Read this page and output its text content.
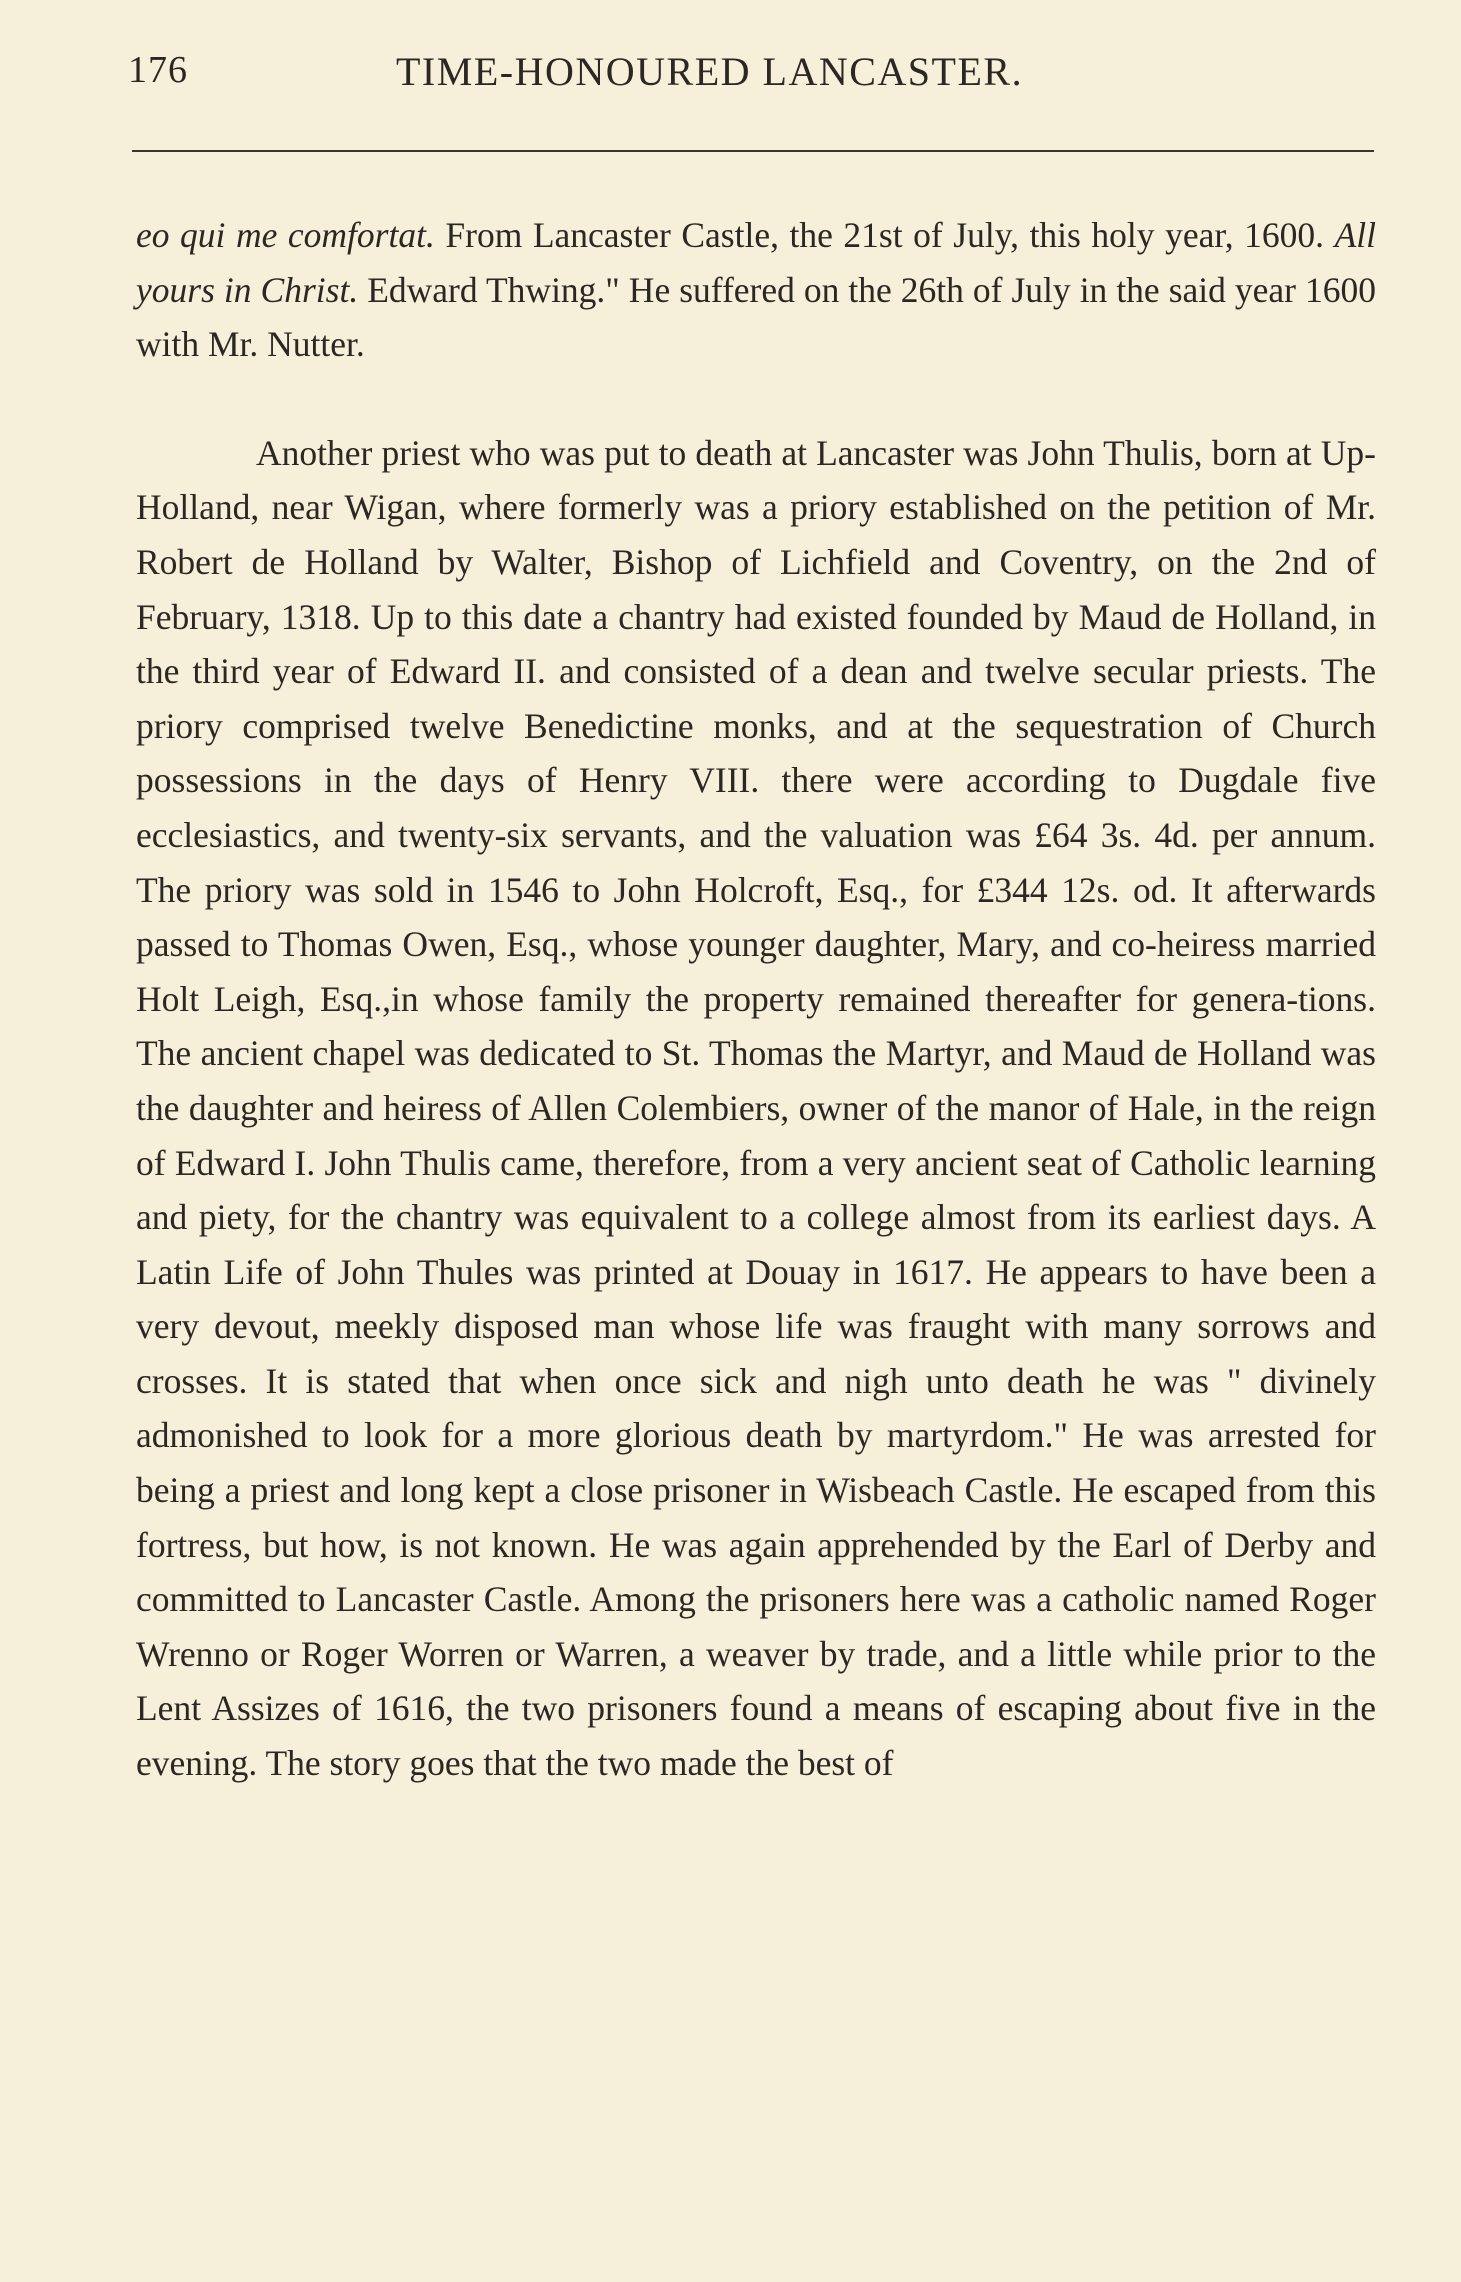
176	TIME-HONOURED LANCASTER.

eo qui me comfortat. From Lancaster Castle, the 21st of July, this holy year, 1600. All yours in Christ. Edward Thwing." He suffered on the 26th of July in the said year 1600 with Mr. Nutter.

Another priest who was put to death at Lancaster was John Thulis, born at Up-Holland, near Wigan, where formerly was a priory established on the petition of Mr. Robert de Holland by Walter, Bishop of Lichfield and Coventry, on the 2nd of February, 1318. Up to this date a chantry had existed founded by Maud de Holland, in the third year of Edward II. and consisted of a dean and twelve secular priests. The priory comprised twelve Benedictine monks, and at the sequestration of Church possessions in the days of Henry VIII. there were according to Dugdale five ecclesiastics, and twenty-six servants, and the valuation was £64 3s. 4d. per annum. The priory was sold in 1546 to John Holcroft, Esq., for £344 12s. od. It afterwards passed to Thomas Owen, Esq., whose younger daughter, Mary, and co-heiress married Holt Leigh, Esq.,in whose family the property remained thereafter for genera-tions. The ancient chapel was dedicated to St. Thomas the Martyr, and Maud de Holland was the daughter and heiress of Allen Colembiers, owner of the manor of Hale, in the reign of Edward I. John Thulis came, therefore, from a very ancient seat of Catholic learning and piety, for the chantry was equivalent to a college almost from its earliest days. A Latin Life of John Thules was printed at Douay in 1617. He appears to have been a very devout, meekly disposed man whose life was fraught with many sorrows and crosses. It is stated that when once sick and nigh unto death he was " divinely admonished to look for a more glorious death by martyrdom." He was arrested for being a priest and long kept a close prisoner in Wisbeach Castle. He escaped from this fortress, but how, is not known. He was again apprehended by the Earl of Derby and committed to Lancaster Castle. Among the prisoners here was a catholic named Roger Wrenno or Roger Worren or Warren, a weaver by trade, and a little while prior to the Lent Assizes of 1616, the two prisoners found a means of escaping about five in the evening. The story goes that the two made the best of
